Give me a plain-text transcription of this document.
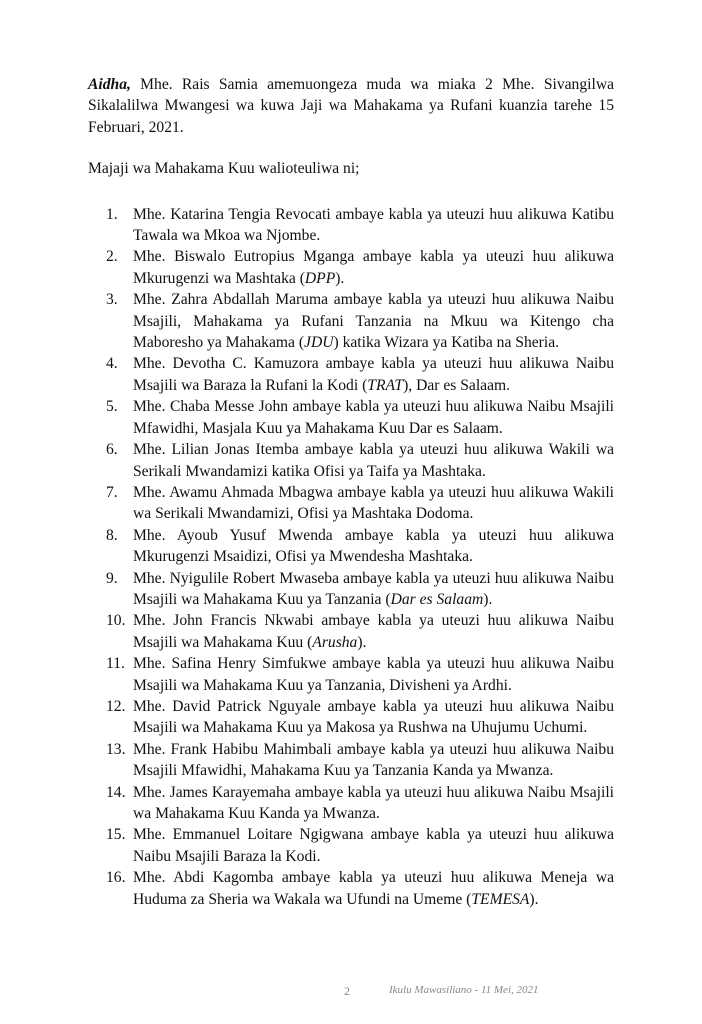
Aidha, Mhe. Rais Samia amemuongeza muda wa miaka 2 Mhe. Sivangilwa Sikalalilwa Mwangesi wa kuwa Jaji wa Mahakama ya Rufani kuanzia tarehe 15 Februari, 2021.

Majaji wa Mahakama Kuu walioteuliwa ni;

1. Mhe. Katarina Tengia Revocati ambaye kabla ya uteuzi huu alikuwa Katibu Tawala wa Mkoa wa Njombe.
2. Mhe. Biswalo Eutropius Mganga ambaye kabla ya uteuzi huu alikuwa Mkurugenzi wa Mashtaka (DPP).
3. Mhe. Zahra Abdallah Maruma ambaye kabla ya uteuzi huu alikuwa Naibu Msajili, Mahakama ya Rufani Tanzania na Mkuu wa Kitengo cha Maboresho ya Mahakama (JDU) katika Wizara ya Katiba na Sheria.
4. Mhe. Devotha C. Kamuzora ambaye kabla ya uteuzi huu alikuwa Naibu Msajili wa Baraza la Rufani la Kodi (TRAT), Dar es Salaam.
5. Mhe. Chaba Messe John ambaye kabla ya uteuzi huu alikuwa Naibu Msajili Mfawidhi, Masjala Kuu ya Mahakama Kuu Dar es Salaam.
6. Mhe. Lilian Jonas Itemba ambaye kabla ya uteuzi huu alikuwa Wakili wa Serikali Mwandamizi katika Ofisi ya Taifa ya Mashtaka.
7. Mhe. Awamu Ahmada Mbagwa ambaye kabla ya uteuzi huu alikuwa Wakili wa Serikali Mwandamizi, Ofisi ya Mashtaka Dodoma.
8. Mhe. Ayoub Yusuf Mwenda ambaye kabla ya uteuzi huu alikuwa Mkurugenzi Msaidizi, Ofisi ya Mwendesha Mashtaka.
9. Mhe. Nyigulile Robert Mwaseba ambaye kabla ya uteuzi huu alikuwa Naibu Msajili wa Mahakama Kuu ya Tanzania (Dar es Salaam).
10. Mhe. John Francis Nkwabi ambaye kabla ya uteuzi huu alikuwa Naibu Msajili wa Mahakama Kuu (Arusha).
11. Mhe. Safina Henry Simfukwe ambaye kabla ya uteuzi huu alikuwa Naibu Msajili wa Mahakama Kuu ya Tanzania, Divisheni ya Ardhi.
12. Mhe. David Patrick Nguyale ambaye kabla ya uteuzi huu alikuwa Naibu Msajili wa Mahakama Kuu ya Makosa ya Rushwa na Uhujumu Uchumi.
13. Mhe. Frank Habibu Mahimbali ambaye kabla ya uteuzi huu alikuwa Naibu Msajili Mfawidhi, Mahakama Kuu ya Tanzania Kanda ya Mwanza.
14. Mhe. James Karayemaha ambaye kabla ya uteuzi huu alikuwa Naibu Msajili wa Mahakama Kuu Kanda ya Mwanza.
15. Mhe. Emmanuel Loitare Ngigwana ambaye kabla ya uteuzi huu alikuwa Naibu Msajili Baraza la Kodi.
16. Mhe. Abdi Kagomba ambaye kabla ya uteuzi huu alikuwa Meneja wa Huduma za Sheria wa Wakala wa Ufundi na Umeme (TEMESA).
2	Ikulu Mawasiliano - 11 Mei, 2021
